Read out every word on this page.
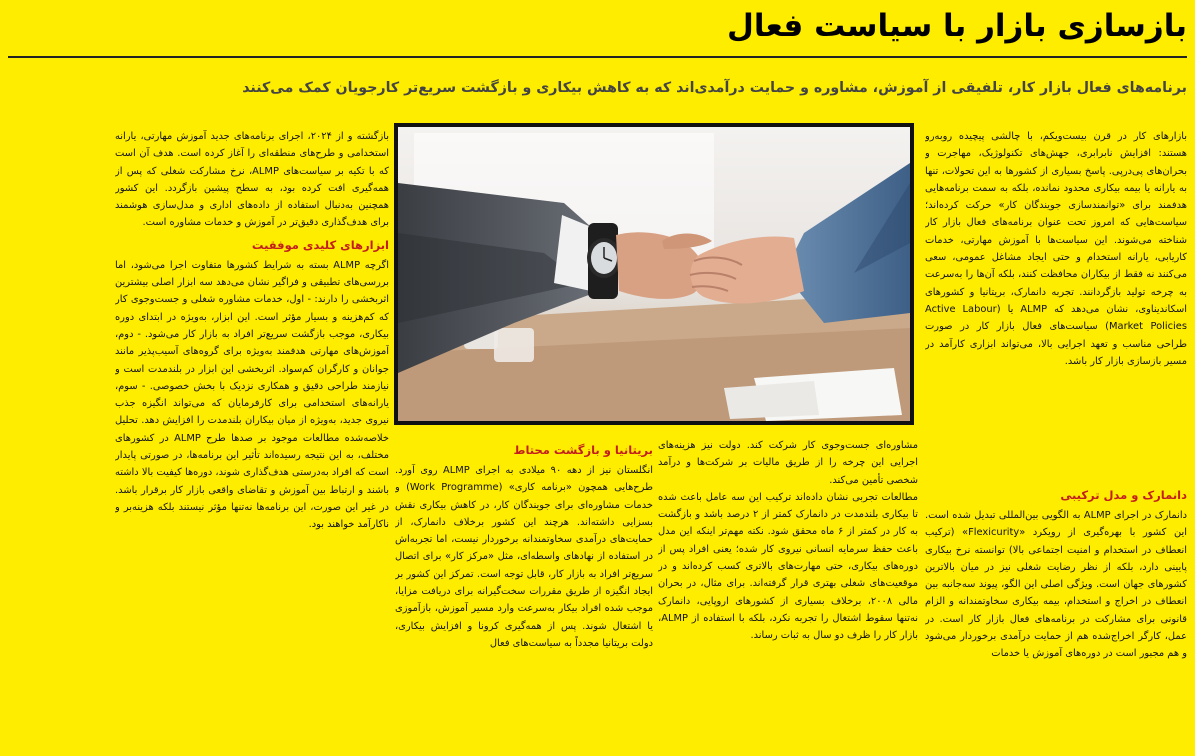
بازسازی بازار با سیاست فعال
برنامه‌های فعال بازار کار، تلفیقی از آموزش، مشاوره و حمایت درآمدی‌اند که به کاهش بیکاری و بازگشت سریع‌تر کارجویان کمک می‌کنند

بازارهای کار در قرن بیست‌ویکم، با چالشی پیچیده روبه‌رو هستند: افزایش نابرابری، جهش‌های تکنولوژیک، مهاجرت و بحران‌های پی‌درپی. پاسخ بسیاری از کشورها به این تحولات، تنها به یارانه یا بیمه بیکاری محدود نمانده، بلکه به سمت برنامه‌هایی هدفمند برای «توانمندسازی جویندگان کار» حرکت کرده‌اند؛ سیاست‌هایی که امروز تحت عنوان برنامه‌های فعال بازار کار شناخته می‌شوند. این سیاست‌ها با آموزش مهارتی، خدمات کاریابی، یارانه استخدام و حتی ایجاد مشاغل عمومی، سعی می‌کنند نه فقط از بیکاران محافظت کنند، بلکه آن‌ها را به‌سرعت به چرخه تولید بازگردانند. تجربه دانمارک، بریتانیا و کشورهای اسکاندیناوی، نشان می‌دهد که ALMP یا (Active Labour Market Policies) سیاست‌های فعال بازار کار در صورت طراحی مناسب و تعهد اجرایی بالا، می‌تواند ابزاری کارآمد در مسیر بازسازی بازار کار باشد.

دانمارک و مدل ترکیبی

دانمارک در اجرای ALMP به الگویی بین‌المللی تبدیل شده است. این کشور با بهره‌گیری از رویکرد «Flexicurity» (ترکیب انعطاف در استخدام و امنیت اجتماعی بالا) توانسته نرخ بیکاری پایینی دارد، بلکه از نظر رضایت شغلی نیز در میان بالاترین کشورهای جهان است. ویژگی اصلی این الگو، پیوند سه‌جانبه بین انعطاف در اخراج و استخدام، بیمه بیکاری سخاوتمندانه و الزام قانونی برای مشارکت در برنامه‌های فعال بازار کار است. در عمل، کارگر اخراج‌شده هم از حمایت درآمدی برخوردار می‌شود و هم مجبور است در دوره‌های آموزش یا خدمات

مشاوره‌ای جست‌وجوی کار شرکت کند. دولت نیز هزینه‌های اجرایی این چرخه را از طریق مالیات بر شرکت‌ها و درآمد شخصی تأمین می‌کند.

مطالعات تجربی نشان داده‌اند ترکیب این سه عامل باعث شده تا بیکاری بلندمدت در دانمارک کمتر از ۲ درصد باشد و بازگشت به کار در کمتر از ۶ ماه محقق شود. نکته مهم‌تر اینکه این مدل باعث حفظ سرمایه انسانی نیروی کار شده؛ یعنی افراد پس از دوره‌های بیکاری، حتی مهارت‌های بالاتری کسب کرده‌اند و در موقعیت‌های شغلی بهتری قرار گرفته‌اند. برای مثال، در بحران مالی ۲۰۰۸، برخلاف بسیاری از کشورهای اروپایی، دانمارک نه‌تنها سقوط اشتغال را تجربه نکرد، بلکه با استفاده از ALMP، بازار کار را ظرف دو سال به ثبات رساند.

بریتانیا و بازگشت محتاط

انگلستان نیز از دهه ۹۰ میلادی به اجرای ALMP روی آورد. طرح‌هایی همچون «برنامه کاری» (Work Programme) و خدمات مشاوره‌ای برای جویندگان کار، در کاهش بیکاری نقش بسزایی داشته‌اند. هرچند این کشور برخلاف دانمارک، از حمایت‌های درآمدی سخاوتمندانه برخوردار نیست، اما تجربه‌اش در استفاده از نهادهای واسطه‌ای، مثل «مرکز کار» برای اتصال سریع‌تر افراد به بازار کار، قابل توجه است. تمرکز این کشور بر ایجاد انگیزه از طریق مقررات سخت‌گیرانه برای دریافت مزایا، موجب شده افراد بیکار به‌سرعت وارد مسیر آموزش، بازآموزی یا اشتغال شوند. پس از همه‌گیری کرونا و افزایش بیکاری، دولت بریتانیا مجدداً به سیاست‌های فعال

بازگشته و از ۲۰۲۴، اجرای برنامه‌های جدید آموزش مهارتی، یارانه استخدامی و طرح‌های منطقه‌ای را آغاز کرده است. هدف آن است که با تکیه بر سیاست‌های ALMP، نرخ مشارکت شغلی که پس از همه‌گیری افت کرده بود، به سطح پیشین بازگردد. این کشور همچنین به‌دنبال استفاده از داده‌های اداری و مدل‌سازی هوشمند برای هدف‌گذاری دقیق‌تر در آموزش و خدمات مشاوره است.

ابزارهای کلیدی موفقیت

اگرچه ALMP بسته به شرایط کشورها متفاوت اجرا می‌شود، اما بررسی‌های تطبیقی و فراگیر نشان می‌دهد سه ابزار اصلی بیشترین اثربخشی را دارند: - اول، خدمات مشاوره شغلی و جست‌وجوی کار که کم‌هزینه و بسیار مؤثر است. این ابزار، به‌ویژه در ابتدای دوره بیکاری، موجب بازگشت سریع‌تر افراد به بازار کار می‌شود. - دوم، آموزش‌های مهارتی هدفمند به‌ویژه برای گروه‌های آسیب‌پذیر مانند جوانان و کارگران کم‌سواد. اثربخشی این ابزار در بلندمدت است و نیازمند طراحی دقیق و همکاری نزدیک با بخش خصوصی. - سوم، یارانه‌های استخدامی برای کارفرمایان که می‌تواند انگیزه جذب نیروی جدید، به‌ویژه از میان بیکاران بلندمدت را افزایش دهد. تحلیل خلاصه‌شده مطالعات موجود بر صدها طرح ALMP در کشورهای مختلف، به این نتیجه رسیده‌اند تأثیر این برنامه‌ها، در صورتی پایدار است که افراد به‌درستی هدف‌گذاری شوند، دوره‌ها کیفیت بالا داشته باشند و ارتباط بین آموزش و تقاضای واقعی بازار کار برقرار باشد. در غیر این صورت، این برنامه‌ها نه‌تنها مؤثر نیستند بلکه هزینه‌بر و ناکارآمد خواهند بود.
